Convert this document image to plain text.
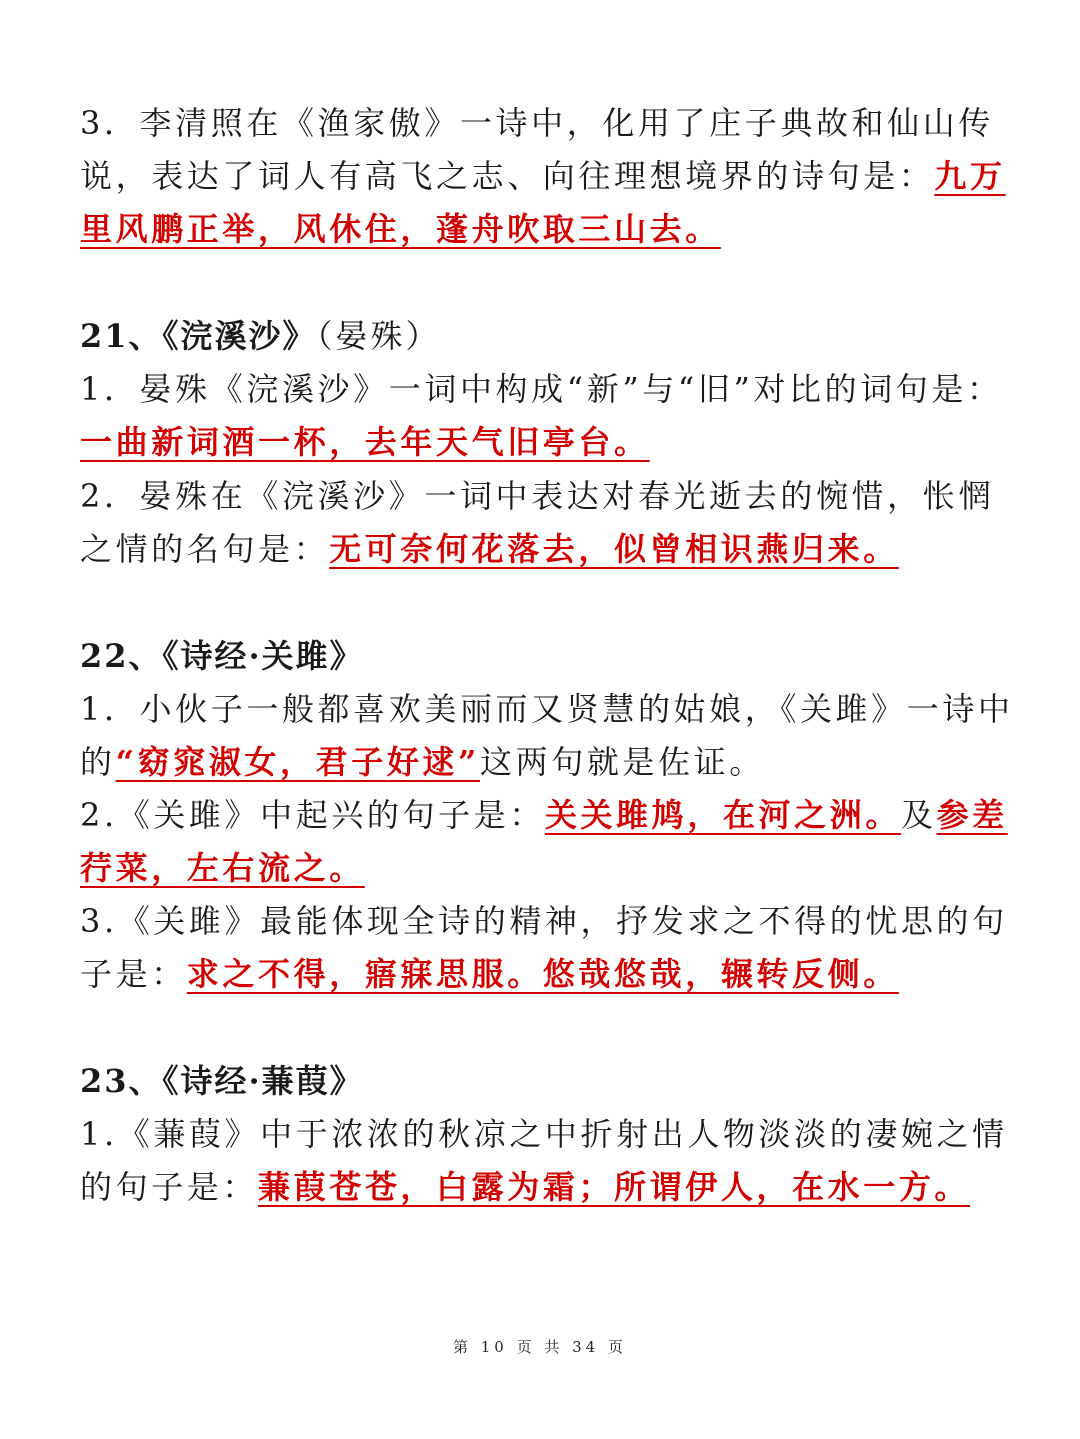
3．李清照在《渔家傲》一诗中，化用了庄子典故和仙山传说，表达了词人有高飞之志、向往理想境界的诗句是：九万里风鹏正举，风休住，蓬舟吹取三山去。
21、《浣溪沙》（晏殊）
1．晏殊《浣溪沙》一词中构成“新”与“旧”对比的词句是：一曲新词酒一杯，去年天气旧亭台。
2．晏殊在《浣溪沙》一词中表达对春光逝去的惋惜，怅惘之情的名句是：无可奈何花落去，似曾相识燕归来。
22、《诗经·关雎》
1．小伙子一般都喜欢美丽而又贤慧的姑娘，《关雎》一诗中的“窈窕淑女，君子好逑”这两句就是佐证。
2.《关雎》中起兴的句子是：关关雎鸠，在河之洲。及参差荇菜，左右流之。
3.《关雎》最能体现全诗的精神，抒发求之不得的忧思的句子是：求之不得，寤寐思服。悠哉悠哉，辗转反侧。
23、《诗经·蒹葭》
1.《蒹葭》中于浓浓的秋凉之中折射出人物淡淡的凄婉之情的句子是：蒹葭苍苍，白露为霜；所谓伊人，在水一方。
第 10 页 共 34 页
